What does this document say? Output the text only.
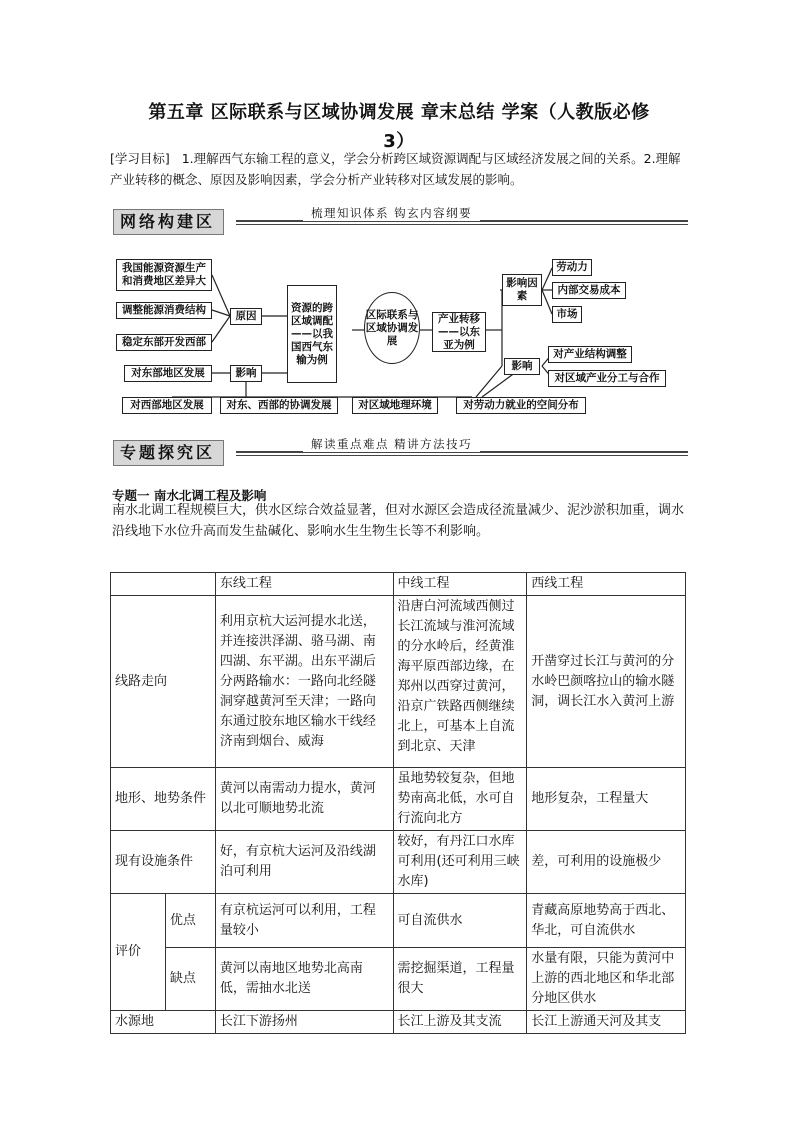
第五章 区际联系与区域协调发展 章末总结 学案（人教版必修
3）
[学习目标] 1.理解西气东输工程的意义，学会分析跨区域资源调配与区域经济发展之间的关系。2.理解产业转移的概念、原因及影响因素，学会分析产业转移对区域发展的影响。
网络构建区	梳理知识体系 钩玄内容纲要
我国能源资源生产和消费地区差异大
调整能源消费结构
稳定东部开发西部
原因
影响
对东部地区发展
对西部地区发展	对东、西部的协调发展	对区域地理环境	对劳动力就业的空间分布
资源的跨区域调配——以我国西气东输为例
区际联系与区域协调发展
产业转移——以东亚为例
影响因素
劳动力
内部交易成本
市场
影响
对产业结构调整
对区域产业分工与合作
专题探究区	解读重点难点 精讲方法技巧
专题一 南水北调工程及影响
南水北调工程规模巨大，供水区综合效益显著，但对水源区会造成径流量减少、泥沙淤积加重，调水沿线地下水位升高而发生盐碱化、影响水生生物生长等不利影响。
		东线工程	中线工程	西线工程
线路走向		利用京杭大运河提水北送，并连接洪泽湖、骆马湖、南四湖、东平湖。出东平湖后分两路输水：一路向北经隧洞穿越黄河至天津；一路向东通过胶东地区输水干线经济南到烟台、威海	沿唐白河流域西侧过长江流域与淮河流域的分水岭后，经黄淮海平原西部边缘，在郑州以西穿过黄河，沿京广铁路西侧继续北上，可基本上自流到北京、天津	开凿穿过长江与黄河的分水岭巴颜喀拉山的输水隧洞，调长江水入黄河上游
地形、地势条件		黄河以南需动力提水，黄河以北可顺地势北流	虽地势较复杂，但地势南高北低，水可自行流向北方	地形复杂，工程量大
现有设施条件		好，有京杭大运河及沿线湖泊可利用	较好，有丹江口水库可利用(还可利用三峡水库)	差，可利用的设施极少
评价	优点	有京杭运河可以利用，工程量较小	可自流供水	青藏高原地势高于西北、华北，可自流供水
	缺点	黄河以南地区地势北高南低，需抽水北送	需挖掘渠道，工程量很大	水量有限，只能为黄河中上游的西北地区和华北部分地区供水
水源地		长江下游扬州	长江上游及其支流	长江上游通天河及其支
